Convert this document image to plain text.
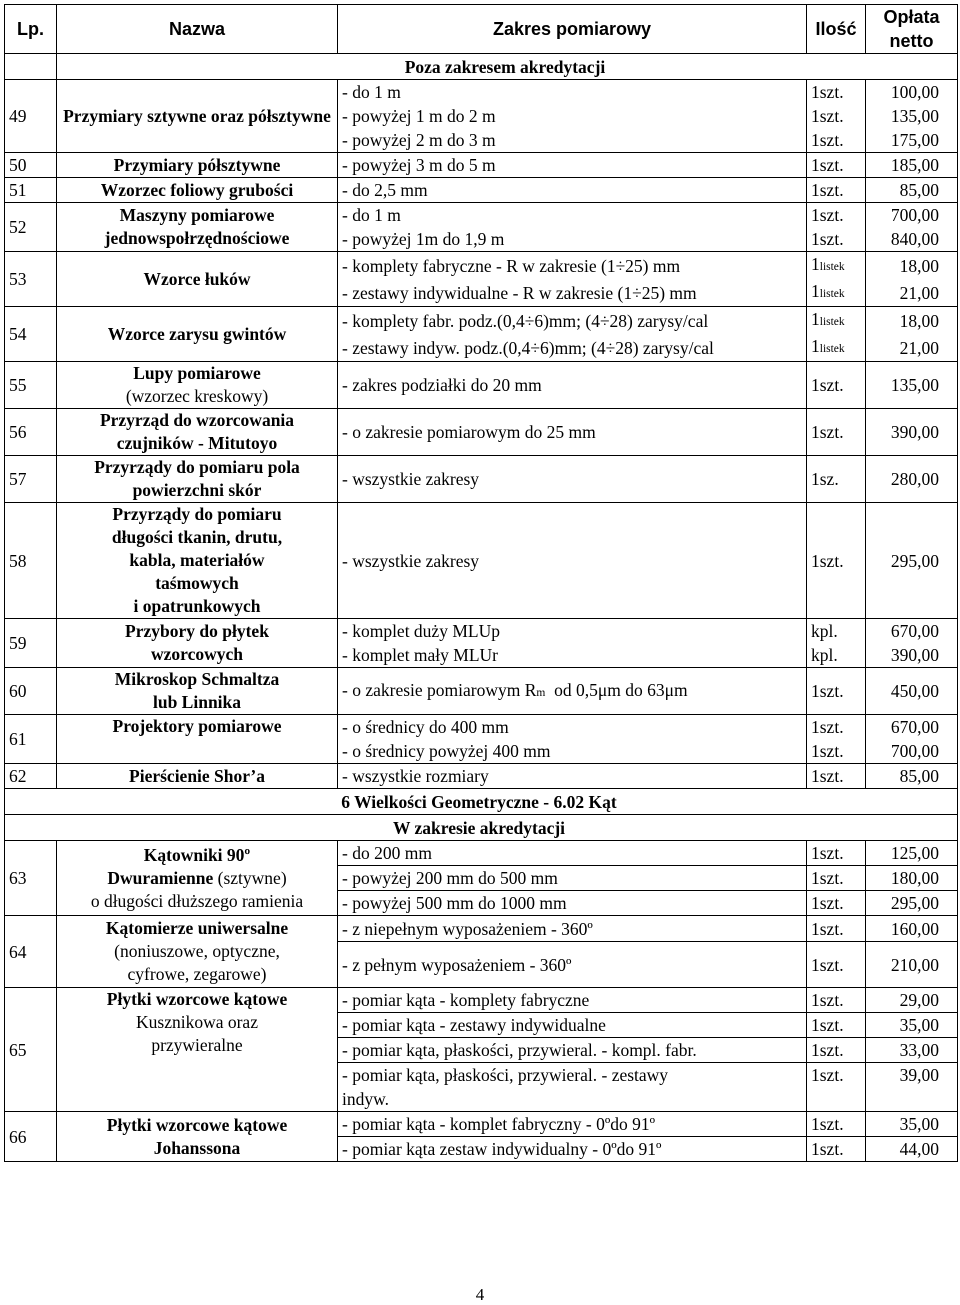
Lp.	Nazwa	Zakres pomiarowy	Ilość	Opłata netto
	Poza zakresem akredytacji			
49	Przymiary sztywne oraz półsztywne	- do 1 m	1szt.	100,00
		- powyżej 1 m do 2 m	1szt.	135,00
		- powyżej 2 m do 3 m	1szt.	175,00
50	Przymiary półsztywne	- powyżej 3 m do 5 m	1szt.	185,00
51	Wzorzec foliowy grubości	- do 2,5 mm	1szt.	85,00
52	Maszyny pomiarowe
jednowspołrzędnościowe	- do 1 m	1szt.	700,00
		- powyżej 1m do 1,9 m	1szt.	840,00
53	Wzorce łuków	- komplety fabryczne - R w zakresie (1÷25) mm	1listek	18,00
		- zestawy indywidualne - R w zakresie (1÷25) mm	1listek	21,00
54	Wzorce zarysu gwintów	- komplety fabr. podz.(0,4÷6)mm; (4÷28) zarysy/cal	1listek	18,00
		- zestawy indyw. podz.(0,4÷6)mm; (4÷28) zarysy/cal	1listek	21,00
55	Lupy pomiarowe
(wzorzec kreskowy)	- zakres podziałki do 20 mm	1szt.	135,00
56	Przyrząd do wzorcowania
czujników - Mitutoyo	- o zakresie pomiarowym do 25 mm	1szt.	390,00
57	Przyrządy do pomiaru pola
powierzchni skór	- wszystkie zakresy	1sz.	280,00
58	Przyrządy do pomiaru
długości tkanin, drutu,
kabla, materiałów
taśmowych
i opatrunkowych	- wszystkie zakresy	1szt.	295,00
59	Przybory do płytek
wzorcowych	- komplet duży MLUp	kpl.	670,00
		- komplet mały MLUr	kpl.	390,00
60	Mikroskop Schmaltza
lub Linnika	- o zakresie pomiarowym Rm  od 0,5μm do 63μm	1szt.	450,00
61	Projektory pomiarowe	- o średnicy do 400 mm	1szt.	670,00
		- o średnicy powyżej 400 mm	1szt.	700,00
62	Pierścienie Shor’a	- wszystkie rozmiary	1szt.	85,00
6 Wielkości Geometryczne - 6.02 Kąt				
W zakresie akredytacji				
63	Kątowniki 90º
Dwuramienne (sztywne)
o długości dłuższego ramienia	- do 200 mm	1szt.	125,00
		- powyżej 200 mm do 500 mm	1szt.	180,00
		- powyżej 500 mm do 1000 mm	1szt.	295,00
64	Kątomierze uniwersalne
(noniuszowe, optyczne,
cyfrowe, zegarowe)	- z niepełnym wyposażeniem - 360º	1szt.	160,00
		- z pełnym wyposażeniem - 360º	1szt.	210,00
65	Płytki wzorcowe kątowe
Kusznikowa oraz
przywieralne	- pomiar kąta - komplety fabryczne	1szt.	29,00
		- pomiar kąta - zestawy indywidualne	1szt.	35,00
		- pomiar kąta, płaskości, przywieral. - kompl. fabr.	1szt.	33,00
		- pomiar kąta, płaskości, przywieral. - zestawy indyw.	1szt.	39,00
66	Płytki wzorcowe kątowe
Johanssona	- pomiar kąta - komplet fabryczny - 0ºdo 91º	1szt.	35,00
		- pomiar kąta zestaw indywidualny - 0ºdo 91º	1szt.	44,00
4
